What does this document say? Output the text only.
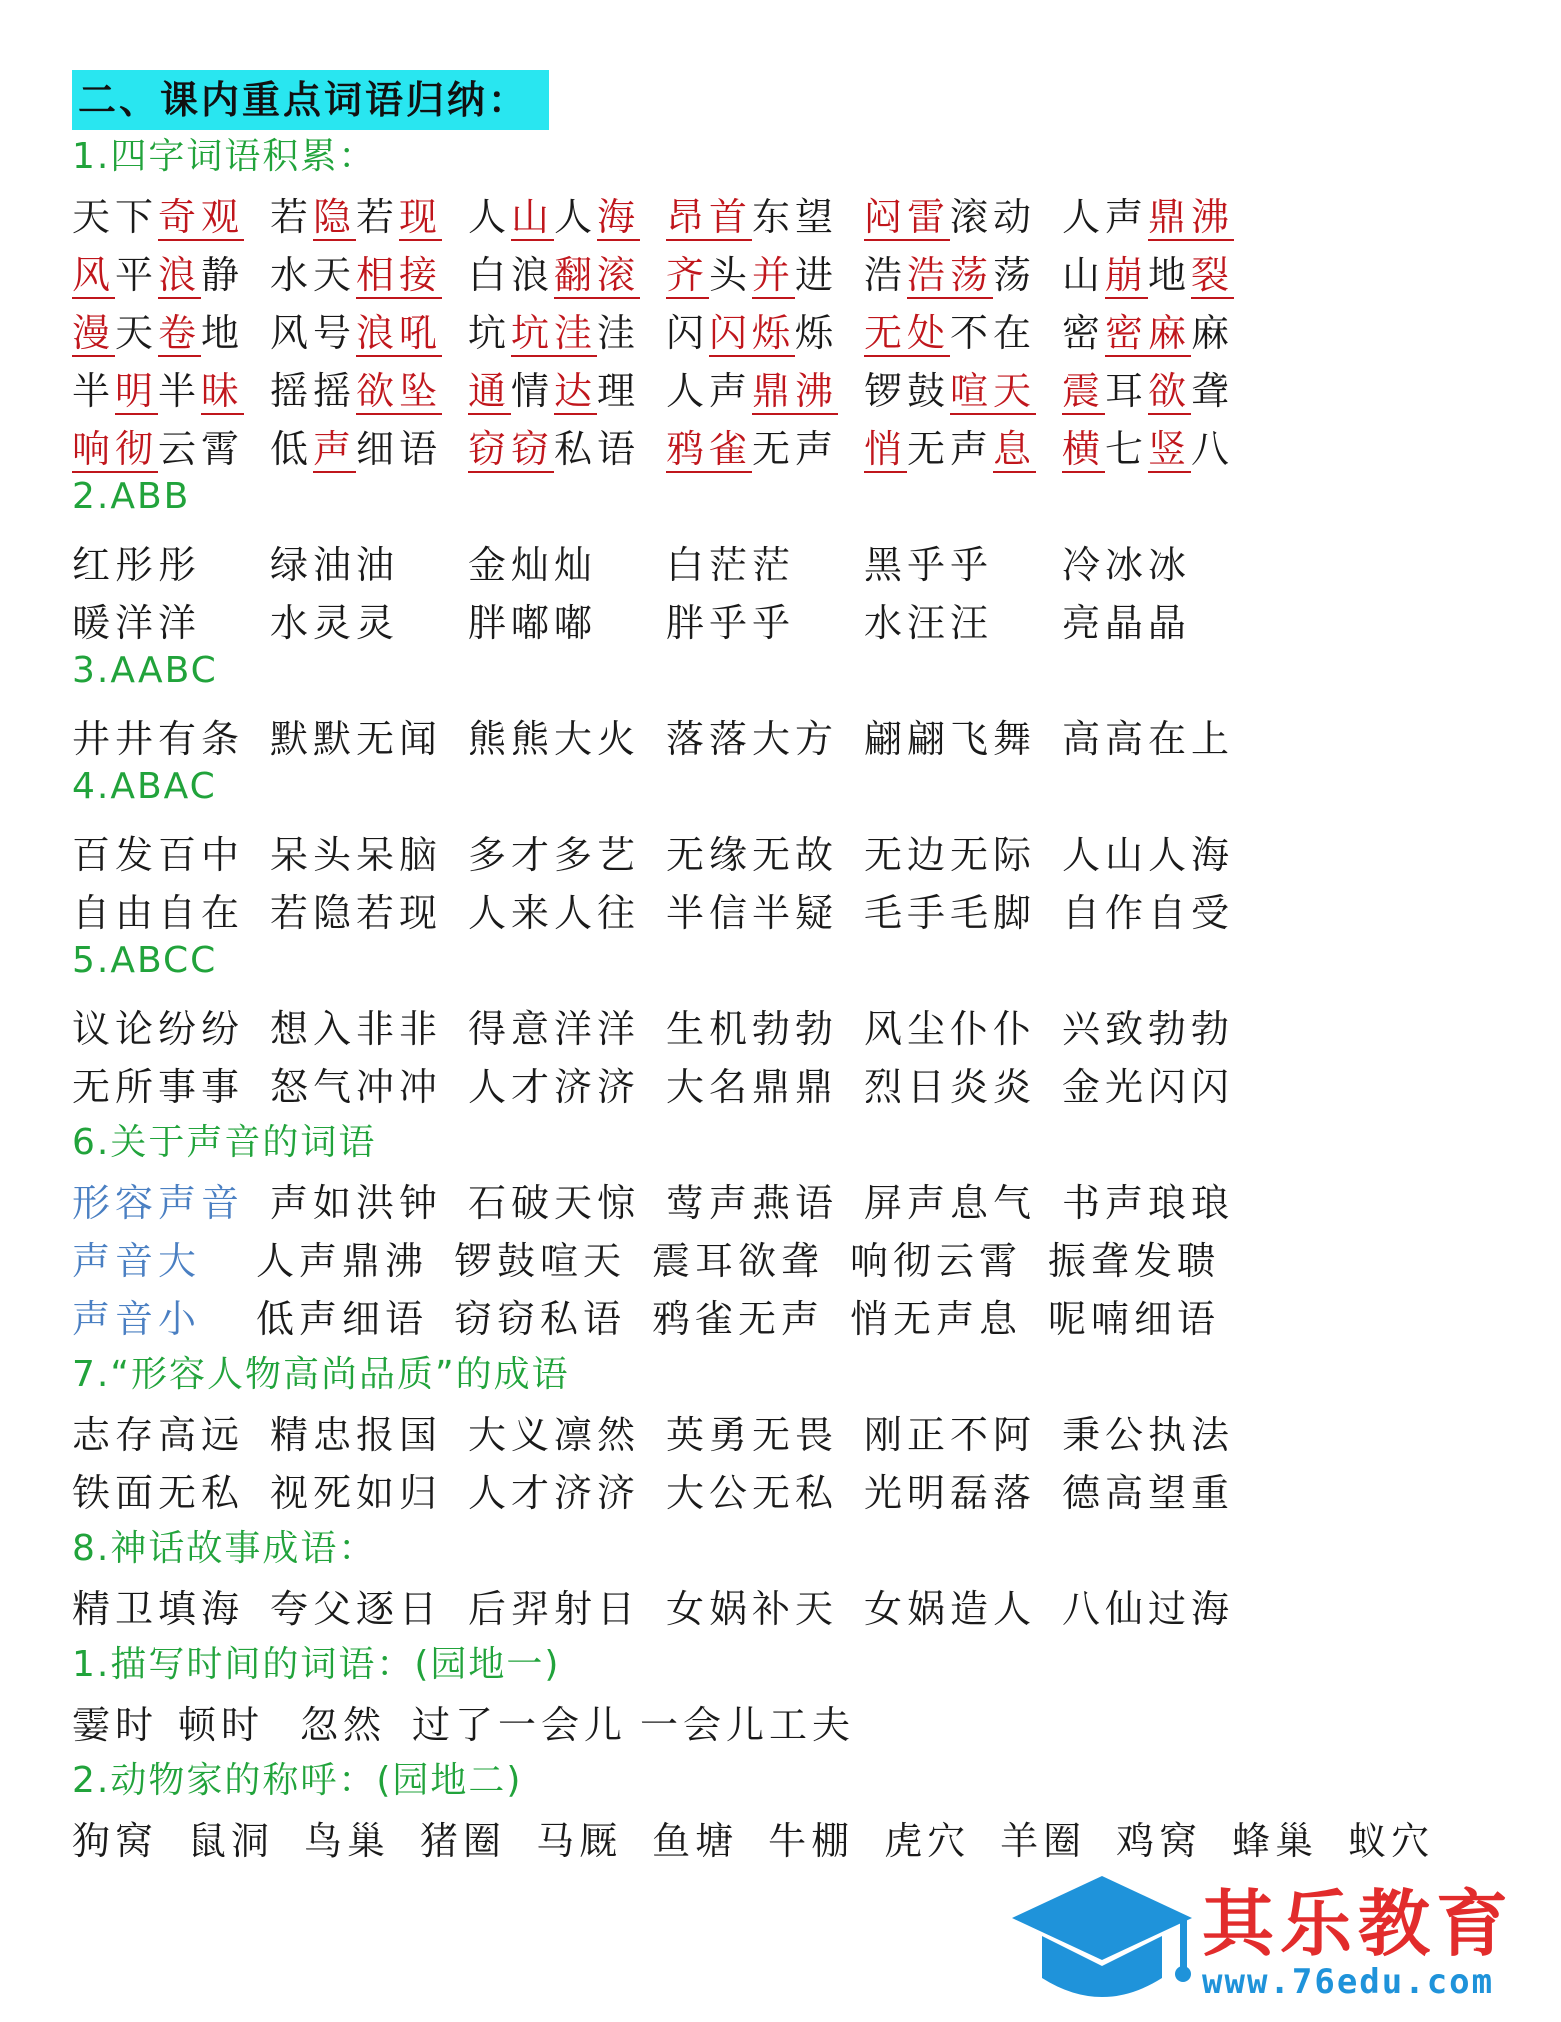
二、课内重点词语归纳：
1.四字词语积累：
天下奇观 若隐若现 人山人海 昂首东望 闷雷滚动 人声鼎沸
风平浪静 水天相接 白浪翻滚 齐头并进 浩浩荡荡 山崩地裂
漫天卷地 风号浪吼 坑坑洼洼 闪闪烁烁 无处不在 密密麻麻
半明半昧 摇摇欲坠 通情达理 人声鼎沸 锣鼓喧天 震耳欲聋
响彻云霄 低声细语 窃窃私语 鸦雀无声 悄无声息 横七竖八
2.ABB
红彤彤 绿油油 金灿灿 白茫茫 黑乎乎 冷冰冰
暖洋洋 水灵灵 胖嘟嘟 胖乎乎 水汪汪 亮晶晶
3.AABC
井井有条 默默无闻 熊熊大火 落落大方 翩翩飞舞 高高在上
4.ABAC
百发百中 呆头呆脑 多才多艺 无缘无故 无边无际 人山人海
自由自在 若隐若现 人来人往 半信半疑 毛手毛脚 自作自受
5.ABCC
议论纷纷 想入非非 得意洋洋 生机勃勃 风尘仆仆 兴致勃勃
无所事事 怒气冲冲 人才济济 大名鼎鼎 烈日炎炎 金光闪闪
6.关于声音的词语
形容声音 声如洪钟 石破天惊 莺声燕语 屏声息气 书声琅琅
声音大 人声鼎沸 锣鼓喧天 震耳欲聋 响彻云霄 振聋发聩
声音小 低声细语 窃窃私语 鸦雀无声 悄无声息 呢喃细语
7.“形容人物高尚品质”的成语
志存高远 精忠报国 大义凛然 英勇无畏 刚正不阿 秉公执法
铁面无私 视死如归 人才济济 大公无私 光明磊落 德高望重
8.神话故事成语：
精卫填海 夸父逐日 后羿射日 女娲补天 女娲造人 八仙过海
1.描写时间的词语：(园地一)
霎时 顿时 忽然 过了一会儿 一会儿工夫
2.动物家的称呼：(园地二)
狗窝 鼠洞 鸟巢 猪圈 马厩 鱼塘 牛棚 虎穴 羊圈 鸡窝 蜂巢 蚁穴
其乐教育
www.76edu.com
